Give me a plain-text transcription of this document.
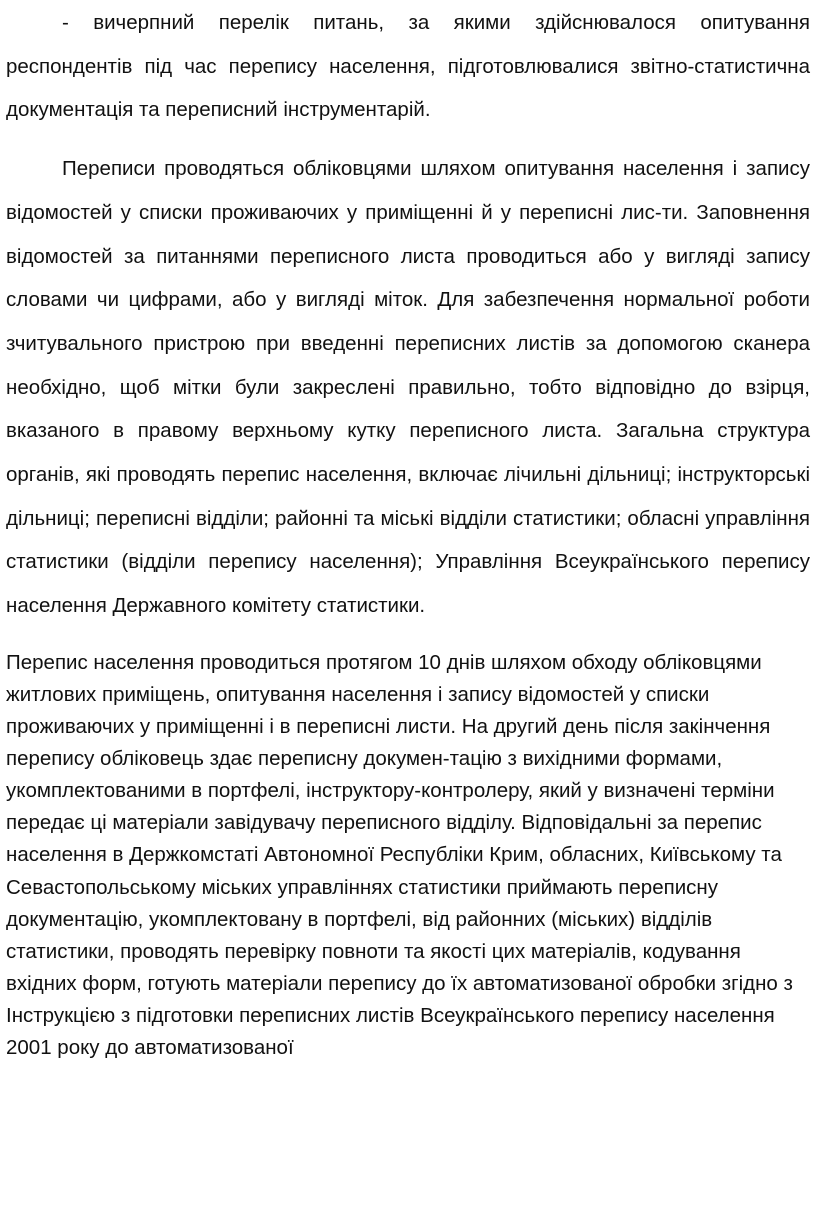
- вичерпний перелік питань, за якими здійснювалося опитування респондентів під час перепису населення, підготовлювалися звітно-статистична документація та переписний інструментарій.

Переписи проводяться обліковцями шляхом опитування населення і запису відомостей у списки проживаючих у приміщенні й у переписні лис-ти. Заповнення відомостей за питаннями переписного листа проводиться або у вигляді запису словами чи цифрами, або у вигляді міток. Для забезпечення нормальної роботи зчитувального пристрою при введенні переписних листів за допомогою сканера необхідно, щоб мітки були закреслені правильно, тобто відповідно до взірця, вказаного в правому верхньому кутку переписного листа. Загальна структура органів, які проводять перепис населення, включає лічильні дільниці; інструкторські дільниці; переписні відділи; районні та міські відділи статистики; обласні управління статистики (відділи перепису населення); Управління Всеукраїнського перепису населення Державного комітету статистики.

Перепис населення проводиться протягом 10 днів шляхом обходу обліковцями житлових приміщень, опитування населення і запису відомостей у списки проживаючих у приміщенні і в переписні листи. На другий день після закінчення перепису обліковець здає переписну докумен-тацію з вихідними формами, укомплектованими в портфелі, інструктору-контролеру, який у визначені терміни передає ці матеріали завідувачу переписного відділу. Відповідальні за перепис населення в Держкомстаті Автономної Республіки Крим, обласних, Київському та Севастопольському міських управліннях статистики приймають переписну документацію, укомплектовану в портфелі, від районних (міських) відділів статистики, проводять перевірку повноти та якості цих матеріалів, кодування вхідних форм, готують матеріали перепису до їх автоматизованої обробки згідно з Інструкцією з підготовки переписних листів Всеукраїнського перепису населення 2001 року до автоматизованої
